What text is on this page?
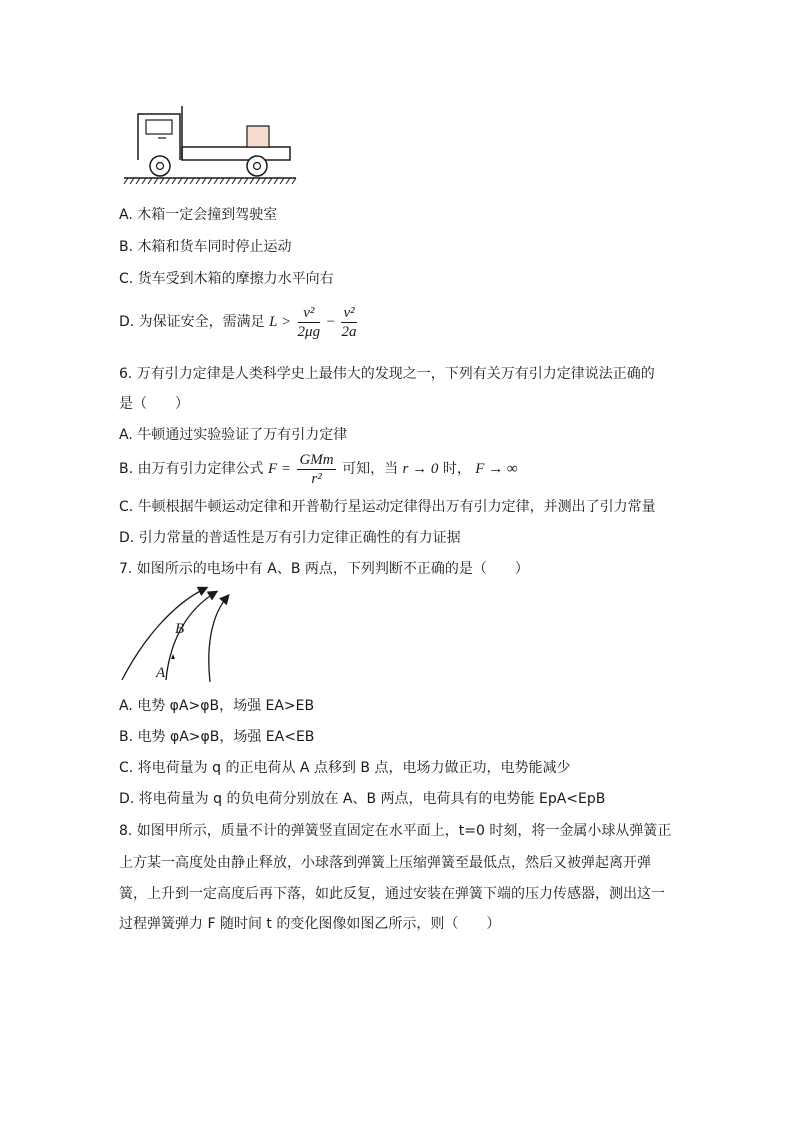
A. 木箱一定会撞到驾驶室
B. 木箱和货车同时停止运动
C. 货车受到木箱的摩擦力水平向右
D. 为保证安全，需满足 $L > \frac{\text{v²}}{2\mu g} - \frac{\text{v²}}{2a}$
6. 万有引力定律是人类科学史上最伟大的发现之一，下列有关万有引力定律说法正确的
是（　　）
A. 牛顿通过实验验证了万有引力定律
B. 由万有引力定律公式 $F = \frac{\text{GMm}}{\text{r²}}$ 可知，当 r → 0 时， F → ∞
C. 牛顿根据牛顿运动定律和开普勒行星运动定律得出万有引力定律，并测出了引力常量
D. 引力常量的普适性是万有引力定律正确性的有力证据
7. 如图所示的电场中有 A、B 两点，下列判断不正确的是（　　）
A
B
A. 电势 φA>φB，场强 EA>EB
B. 电势 φA>φB，场强 EA<EB
C. 将电荷量为 q 的正电荷从 A 点移到 B 点，电场力做正功，电势能减少
D. 将电荷量为 q 的负电荷分别放在 A、B 两点，电荷具有的电势能 EpA<EpB
8. 如图甲所示，质量不计的弹簧竖直固定在水平面上，t=0 时刻，将一金属小球从弹簧正
上方某一高度处由静止释放，小球落到弹簧上压缩弹簧至最低点，然后又被弹起离开弹
簧，上升到一定高度后再下落，如此反复，通过安装在弹簧下端的压力传感器，测出这一
过程弹簧弹力 F 随时间 t 的变化图像如图乙所示，则（　　）
